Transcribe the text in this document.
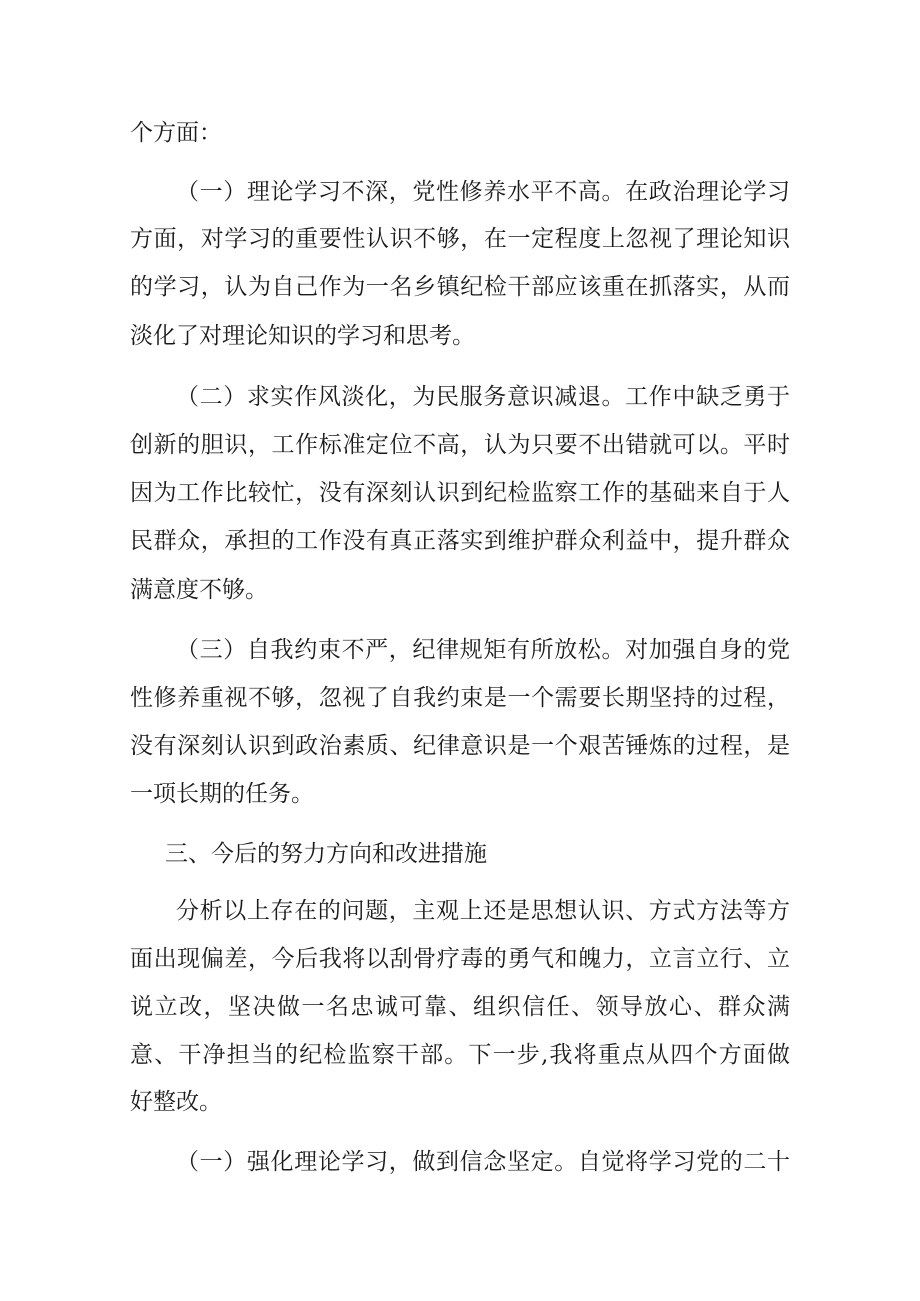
个方面：
（一）理论学习不深，党性修养水平不高。在政治理论学习
方面，对学习的重要性认识不够，在一定程度上忽视了理论知识
的学习，认为自己作为一名乡镇纪检干部应该重在抓落实，从而
淡化了对理论知识的学习和思考。
（二）求实作风淡化，为民服务意识减退。工作中缺乏勇于
创新的胆识，工作标准定位不高，认为只要不出错就可以。平时
因为工作比较忙，没有深刻认识到纪检监察工作的基础来自于人
民群众，承担的工作没有真正落实到维护群众利益中，提升群众
满意度不够。
（三）自我约束不严，纪律规矩有所放松。对加强自身的党
性修养重视不够，忽视了自我约束是一个需要长期坚持的过程，
没有深刻认识到政治素质、纪律意识是一个艰苦锤炼的过程，是
一项长期的任务。
三、今后的努力方向和改进措施
分析以上存在的问题，主观上还是思想认识、方式方法等方
面出现偏差，今后我将以刮骨疗毒的勇气和魄力，立言立行、立
说立改，坚决做一名忠诚可靠、组织信任、领导放心、群众满
意、干净担当的纪检监察干部。下一步,我将重点从四个方面做
好整改。
（一）强化理论学习，做到信念坚定。自觉将学习党的二十
